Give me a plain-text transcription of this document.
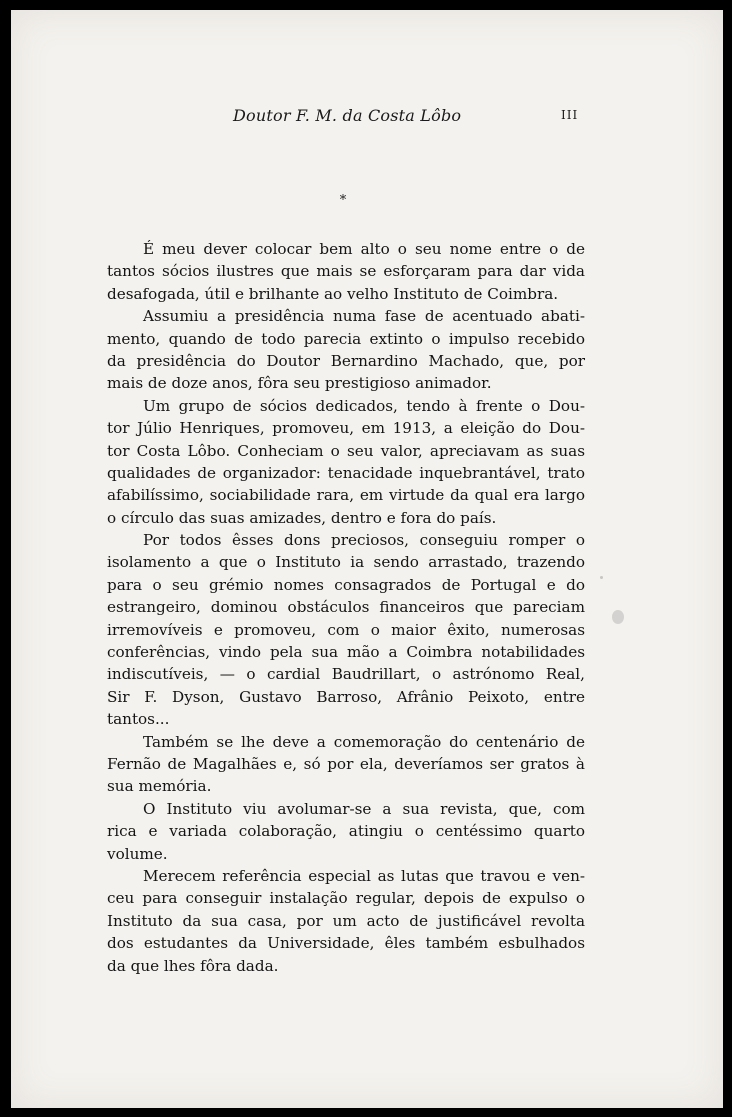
Doutor F. M. da Costa Lôbo	III
*
É meu dever colocar bem alto o seu nome entre o de
tantos sócios ilustres que mais se esforçaram para dar vida
desafogada, útil e brilhante ao velho Instituto de Coimbra.
Assumiu a presidência numa fase de acentuado abati-
mento, quando de todo parecia extinto o impulso recebido
da presidência do Doutor Bernardino Machado, que, por
mais de doze anos, fôra seu prestigioso animador.
Um grupo de sócios dedicados, tendo à frente o Dou-
tor Júlio Henriques, promoveu, em 1913, a eleição do Dou-
tor Costa Lôbo. Conheciam o seu valor, apreciavam as suas
qualidades de organizador: tenacidade inquebrantável, trato
afabilíssimo, sociabilidade rara, em virtude da qual era largo
o círculo das suas amizades, dentro e fora do país.
Por todos êsses dons preciosos, conseguiu romper o
isolamento a que o Instituto ia sendo arrastado, trazendo
para o seu grémio nomes consagrados de Portugal e do
estrangeiro, dominou obstáculos financeiros que pareciam
irremovíveis e promoveu, com o maior êxito, numerosas
conferências, vindo pela sua mão a Coimbra notabilidades
indiscutíveis, — o cardial Baudrillart, o astrónomo Real,
Sir F. Dyson, Gustavo Barroso, Afrânio Peixoto, entre
tantos...
Também se lhe deve a comemoração do centenário de
Fernão de Magalhães e, só por ela, deveríamos ser gratos à
sua memória.
O Instituto viu avolumar-se a sua revista, que, com
rica e variada colaboração, atingiu o centéssimo quarto
volume.
Merecem referência especial as lutas que travou e ven-
ceu para conseguir instalação regular, depois de expulso o
Instituto da sua casa, por um acto de justificável revolta
dos estudantes da Universidade, êles também esbulhados
da que lhes fôra dada.
